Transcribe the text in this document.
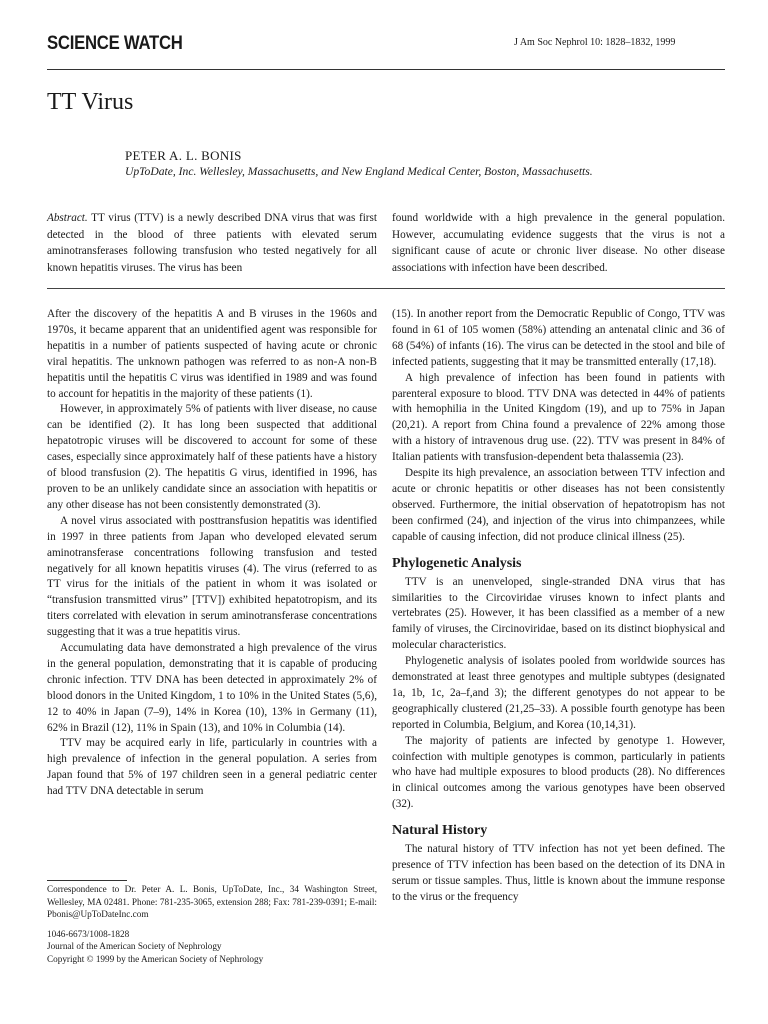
SCIENCE WATCH	J Am Soc Nephrol 10: 1828–1832, 1999
TT Virus
PETER A. L. BONIS
UpToDate, Inc. Wellesley, Massachusetts, and New England Medical Center, Boston, Massachusetts.
Abstract. TT virus (TTV) is a newly described DNA virus that was first detected in the blood of three patients with elevated serum aminotransferases following transfusion who tested negatively for all known hepatitis viruses. The virus has been
found worldwide with a high prevalence in the general population. However, accumulating evidence suggests that the virus is not a significant cause of acute or chronic liver disease. No other disease associations with infection have been described.

After the discovery of the hepatitis A and B viruses in the 1960s and 1970s, it became apparent that an unidentified agent was responsible for hepatitis in a number of patients suspected of having acute or chronic viral hepatitis. The unknown pathogen was referred to as non-A non-B hepatitis until the hepatitis C virus was identified in 1989 and was found to account for hepatitis in the majority of these patients (1).

However, in approximately 5% of patients with liver disease, no cause can be identified (2). It has long been suspected that additional hepatotropic viruses will be discovered to account for some of these cases, especially since approximately half of these patients have a history of blood transfusion (2). The hepatitis G virus, identified in 1996, has proven to be an unlikely candidate since an association with hepatitis or any other disease has not been consistently demonstrated (3).

A novel virus associated with posttransfusion hepatitis was identified in 1997 in three patients from Japan who developed elevated serum aminotransferase concentrations following transfusion and tested negatively for all known hepatitis viruses (4). The virus (referred to as TT virus for the initials of the patient in whom it was isolated or “transfusion transmitted virus” [TTV]) exhibited hepatotropism, and its titers correlated with elevation in serum aminotransferase concentrations suggesting that it was a true hepatitis virus.

Accumulating data have demonstrated a high prevalence of the virus in the general population, demonstrating that it is capable of producing chronic infection. TTV DNA has been detected in approximately 2% of blood donors in the United Kingdom, 1 to 10% in the United States (5,6), 12 to 40% in Japan (7–9), 14% in Korea (10), 13% in Germany (11), 62% in Brazil (12), 11% in Spain (13), and 10% in Columbia (14).

TTV may be acquired early in life, particularly in countries with a high prevalence of infection in the general population. A series from Japan found that 5% of 197 children seen in a general pediatric center had TTV DNA detectable in serum

(15). In another report from the Democratic Republic of Congo, TTV was found in 61 of 105 women (58%) attending an antenatal clinic and 36 of 68 (54%) of infants (16). The virus can be detected in the stool and bile of infected patients, suggesting that it may be transmitted enterally (17,18).

A high prevalence of infection has been found in patients with parenteral exposure to blood. TTV DNA was detected in 44% of patients with hemophilia in the United Kingdom (19), and up to 75% in Japan (20,21). A report from China found a prevalence of 22% among those with a history of intravenous drug use. (22). TTV was present in 84% of Italian patients with transfusion-dependent beta thalassemia (23).

Despite its high prevalence, an association between TTV infection and acute or chronic hepatitis or other diseases has not been consistently observed. Furthermore, the initial observation of hepatotropism has not been confirmed (24), and injection of the virus into chimpanzees, while capable of causing infection, did not produce clinical illness (25).

Phylogenetic Analysis

TTV is an unenveloped, single-stranded DNA virus that has similarities to the Circoviridae viruses known to infect plants and vertebrates (25). However, it has been classified as a member of a new family of viruses, the Circinoviridae, based on its distinct biophysical and molecular characteristics.

Phylogenetic analysis of isolates pooled from worldwide sources has demonstrated at least three genotypes and multiple subtypes (designated 1a, 1b, 1c, 2a–f,and 3); the different genotypes do not appear to be geographically clustered (21,25–33). A possible fourth genotype has been reported in Columbia, Belgium, and Korea (10,14,31).

The majority of patients are infected by genotype 1. However, coinfection with multiple genotypes is common, particularly in patients who have had multiple exposures to blood products (28). No differences in clinical outcomes among the various genotypes have been observed (32).

Natural History

The natural history of TTV infection has not yet been defined. The presence of TTV infection has been based on the detection of its DNA in serum or tissue samples. Thus, little is known about the immune response to the virus or the frequency

Correspondence to Dr. Peter A. L. Bonis, UpToDate, Inc., 34 Washington Street, Wellesley, MA 02481. Phone: 781-235-3065, extension 288; Fax: 781-239-0391; E-mail: Pbonis@UpToDateInc.com

1046-6673/1008-1828

Journal of the American Society of Nephrology

Copyright © 1999 by the American Society of Nephrology
